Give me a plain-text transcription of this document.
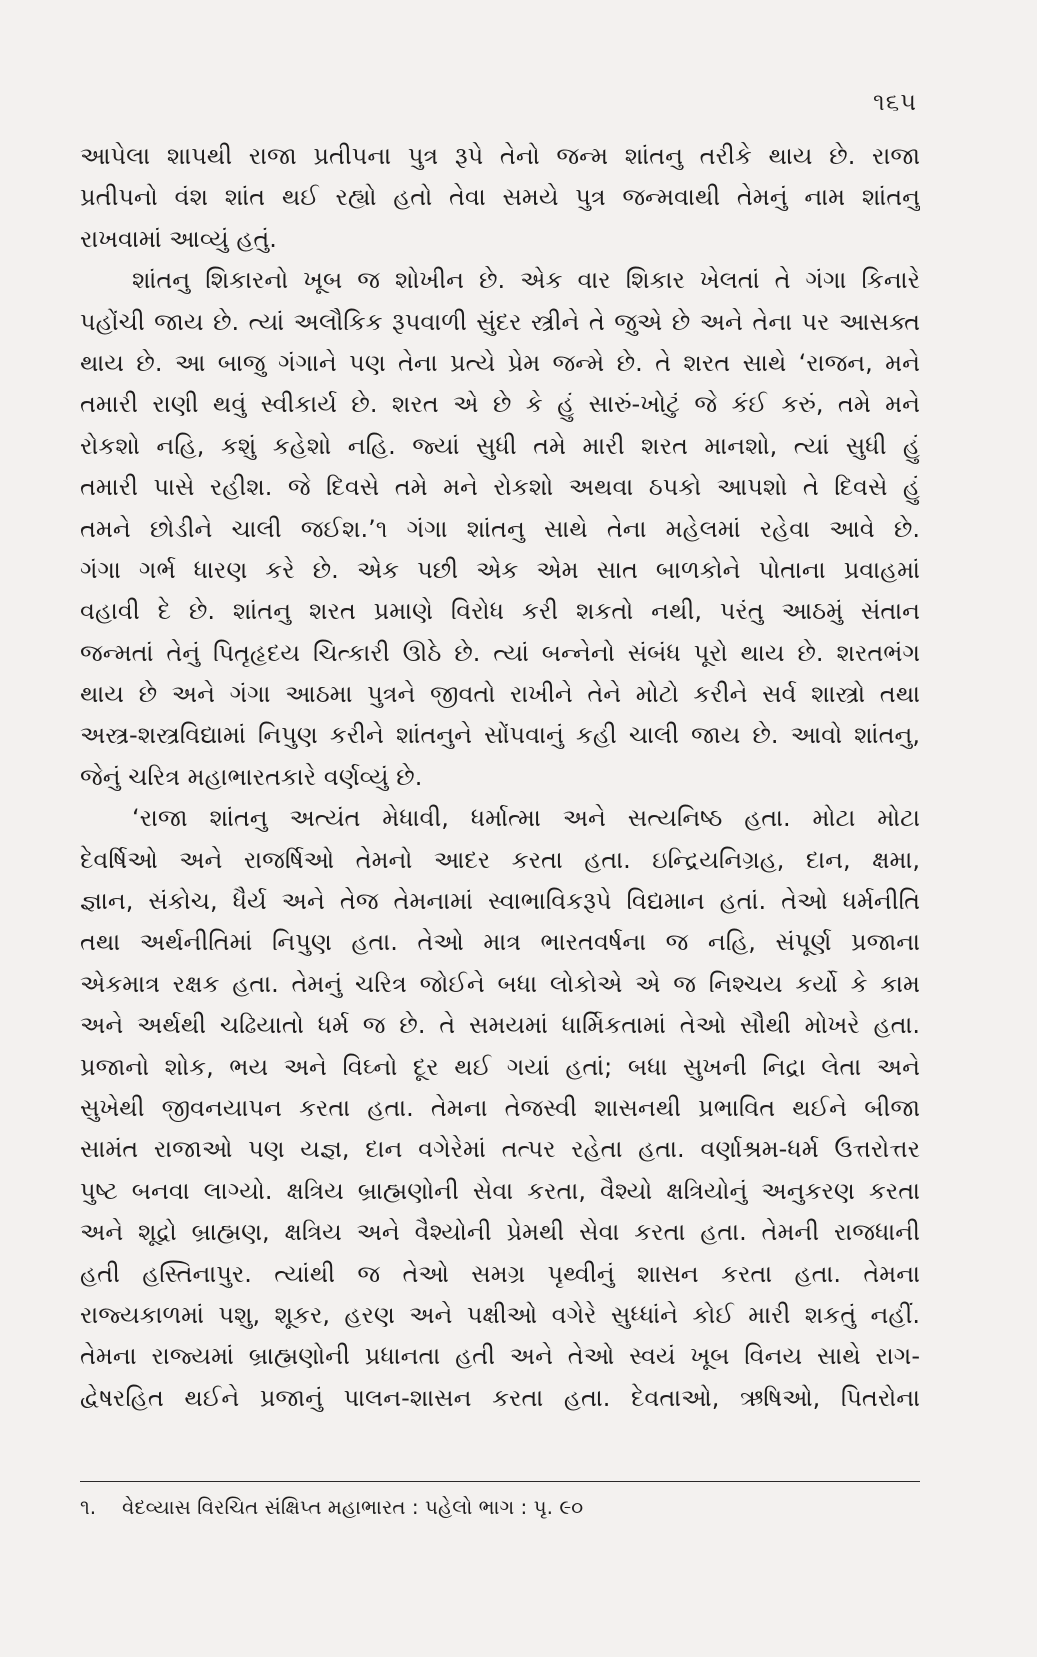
૧૬૫
આપેલા શાપથી રાજા પ્રતીપના પુત્ર રૂપે તેનો જન્મ શાંતનુ તરીકે થાય છે. રાજા
પ્રતીપનો વંશ શાંત થઈ રહ્યો હતો તેવા સમયે પુત્ર જન્મવાથી તેમનું નામ શાંતનુ
રાખવામાં આવ્યું હતું.
શાંતનુ શિકારનો ખૂબ જ શોખીન છે. એક વાર શિકાર ખેલતાં તે ગંગા કિનારે
પહોંચી જાય છે. ત્યાં અલૌકિક રૂપવાળી સુંદર સ્ત્રીને તે જુએ છે અને તેના પર આસક્ત
થાય છે. આ બાજુ ગંગાને પણ તેના પ્રત્યે પ્રેમ જન્મે છે. તે શરત સાથે ‘રાજન, મને
તમારી રાણી થવું સ્વીકાર્ય છે. શરત એ છે કે હું સારું-ખોટું જે કંઈ કરું, તમે મને
રોકશો નહિ, કશું કહેશો નહિ. જ્યાં સુધી તમે મારી શરત માનશો, ત્યાં સુધી હું
તમારી પાસે રહીશ. જે દિવસે તમે મને રોકશો અથવા ઠપકો આપશો તે દિવસે હું
તમને છોડીને ચાલી જઈશ.’૧ ગંગા શાંતનુ સાથે તેના મહેલમાં રહેવા આવે છે.
ગંગા ગર્ભ ધારણ કરે છે. એક પછી એક એમ સાત બાળકોને પોતાના પ્રવાહમાં
વહાવી દે છે. શાંતનુ શરત પ્રમાણે વિરોધ કરી શકતો નથી, પરંતુ આઠમું સંતાન
જન્મતાં તેનું પિતૃહૃદય ચિત્કારી ઊઠે છે. ત્યાં બન્નેનો સંબંધ પૂરો થાય છે. શરતભંગ
થાય છે અને ગંગા આઠમા પુત્રને જીવતો રાખીને તેને મોટો કરીને સર્વ શાસ્ત્રો તથા
અસ્ત્ર-શસ્ત્રવિદ્યામાં નિપુણ કરીને શાંતનુને સોંપવાનું કહી ચાલી જાય છે. આવો શાંતનુ,
જેનું ચરિત્ર મહાભારતકારે વર્ણવ્યું છે.
‘રાજા શાંતનુ અત્યંત મેધાવી, ધર્માત્મા અને સત્યનિષ્ઠ હતા. મોટા મોટા
દેવર્ષિઓ અને રાજર્ષિઓ તેમનો આદર કરતા હતા. ઇન્દ્રિયનિગ્રહ, દાન, ક્ષમા,
જ્ઞાન, સંકોચ, ધૈર્ય અને તેજ તેમનામાં સ્વાભાવિકરૂપે વિદ્યમાન હતાં. તેઓ ધર્મનીતિ
તથા અર્થનીતિમાં નિપુણ હતા. તેઓ માત્ર ભારતવર્ષના જ નહિ, સંપૂર્ણ પ્રજાના
એકમાત્ર રક્ષક હતા. તેમનું ચરિત્ર જોઈને બધા લોકોએ એ જ નિશ્ચય કર્યો કે કામ
અને અર્થથી ચઢિયાતો ધર્મ જ છે. તે સમયમાં ધાર્મિકતામાં તેઓ સૌથી મોખરે હતા.
પ્રજાનો શોક, ભય અને વિઘ્નો દૂર થઈ ગયાં હતાં; બધા સુખની નિદ્રા લેતા અને
સુખેથી જીવનયાપન કરતા હતા. તેમના તેજસ્વી શાસનથી પ્રભાવિત થઈને બીજા
સામંત રાજાઓ પણ યજ્ઞ, દાન વગેરેમાં તત્પર રહેતા હતા. વર્ણાશ્રમ-ધર્મ ઉત્તરોત્તર
પુષ્ટ બનવા લાગ્યો. ક્ષત્રિય બ્રાહ્મણોની સેવા કરતા, વૈશ્યો ક્ષત્રિયોનું અનુકરણ કરતા
અને શૂદ્રો બ્રાહ્મણ, ક્ષત્રિય અને વૈશ્યોની પ્રેમથી સેવા કરતા હતા. તેમની રાજધાની
હતી હસ્તિનાપુર. ત્યાંથી જ તેઓ સમગ્ર પૃથ્વીનું શાસન કરતા હતા. તેમના
રાજ્યકાળમાં પશુ, શૂકર, હરણ અને પક્ષીઓ વગેરે સુધ્ધાંને કોઈ મારી શકતું નહીં.
તેમના રાજ્યમાં બ્રાહ્મણોની પ્રધાનતા હતી અને તેઓ સ્વયં ખૂબ વિનય સાથે રાગ-
દ્વેષરહિત થઈને પ્રજાનું પાલન-શાસન કરતા હતા. દેવતાઓ, ઋષિઓ, પિતરોના
૧. વેદવ્યાસ વિરચિત સંક્ષિપ્ત મહાભારત : પહેલો ભાગ : પૃ. ૯૦
